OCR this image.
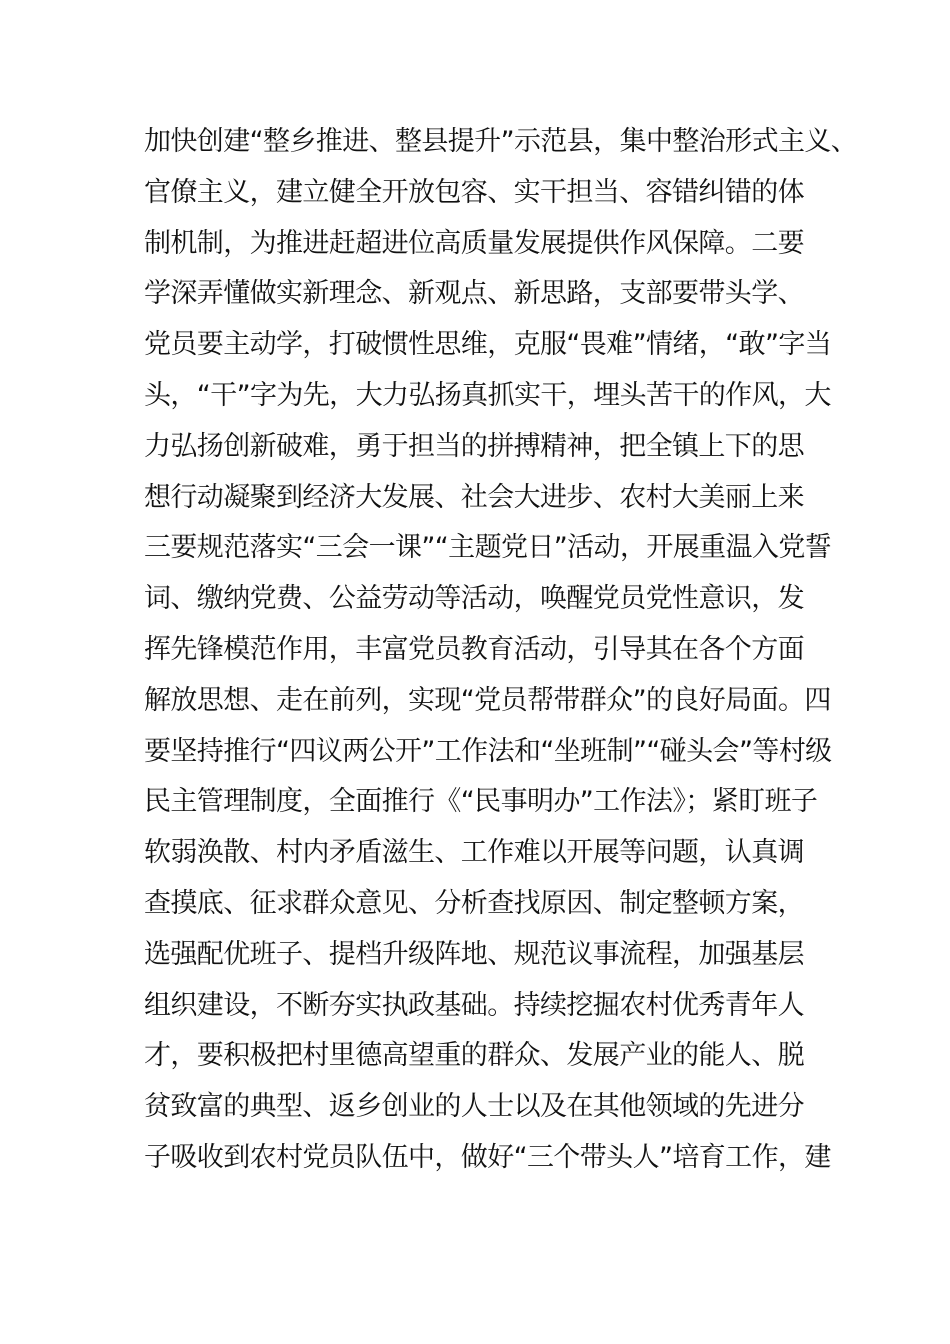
加快创建“整乡推进、整县提升”示范县，集中整治形式主义、
官僚主义，建立健全开放包容、实干担当、容错纠错的体
制机制，为推进赶超进位高质量发展提供作风保障。二要
学深弄懂做实新理念、新观点、新思路，支部要带头学、
党员要主动学，打破惯性思维，克服“畏难”情绪，“敢”字当
头，“干”字为先，大力弘扬真抓实干，埋头苦干的作风，大
力弘扬创新破难，勇于担当的拼搏精神，把全镇上下的思
想行动凝聚到经济大发展、社会大进步、农村大美丽上来
三要规范落实“三会一课”“主题党日”活动，开展重温入党誓
词、缴纳党费、公益劳动等活动，唤醒党员党性意识，发
挥先锋模范作用，丰富党员教育活动，引导其在各个方面
解放思想、走在前列，实现“党员帮带群众”的良好局面。四
要坚持推行“四议两公开”工作法和“坐班制”“碰头会”等村级
民主管理制度，全面推行《“民事明办”工作法》；紧盯班子
软弱涣散、村内矛盾滋生、工作难以开展等问题，认真调
查摸底、征求群众意见、分析查找原因、制定整顿方案，
选强配优班子、提档升级阵地、规范议事流程，加强基层
组织建设，不断夯实执政基础。持续挖掘农村优秀青年人
才，要积极把村里德高望重的群众、发展产业的能人、脱
贫致富的典型、返乡创业的人士以及在其他领域的先进分
子吸收到农村党员队伍中，做好“三个带头人”培育工作，建
